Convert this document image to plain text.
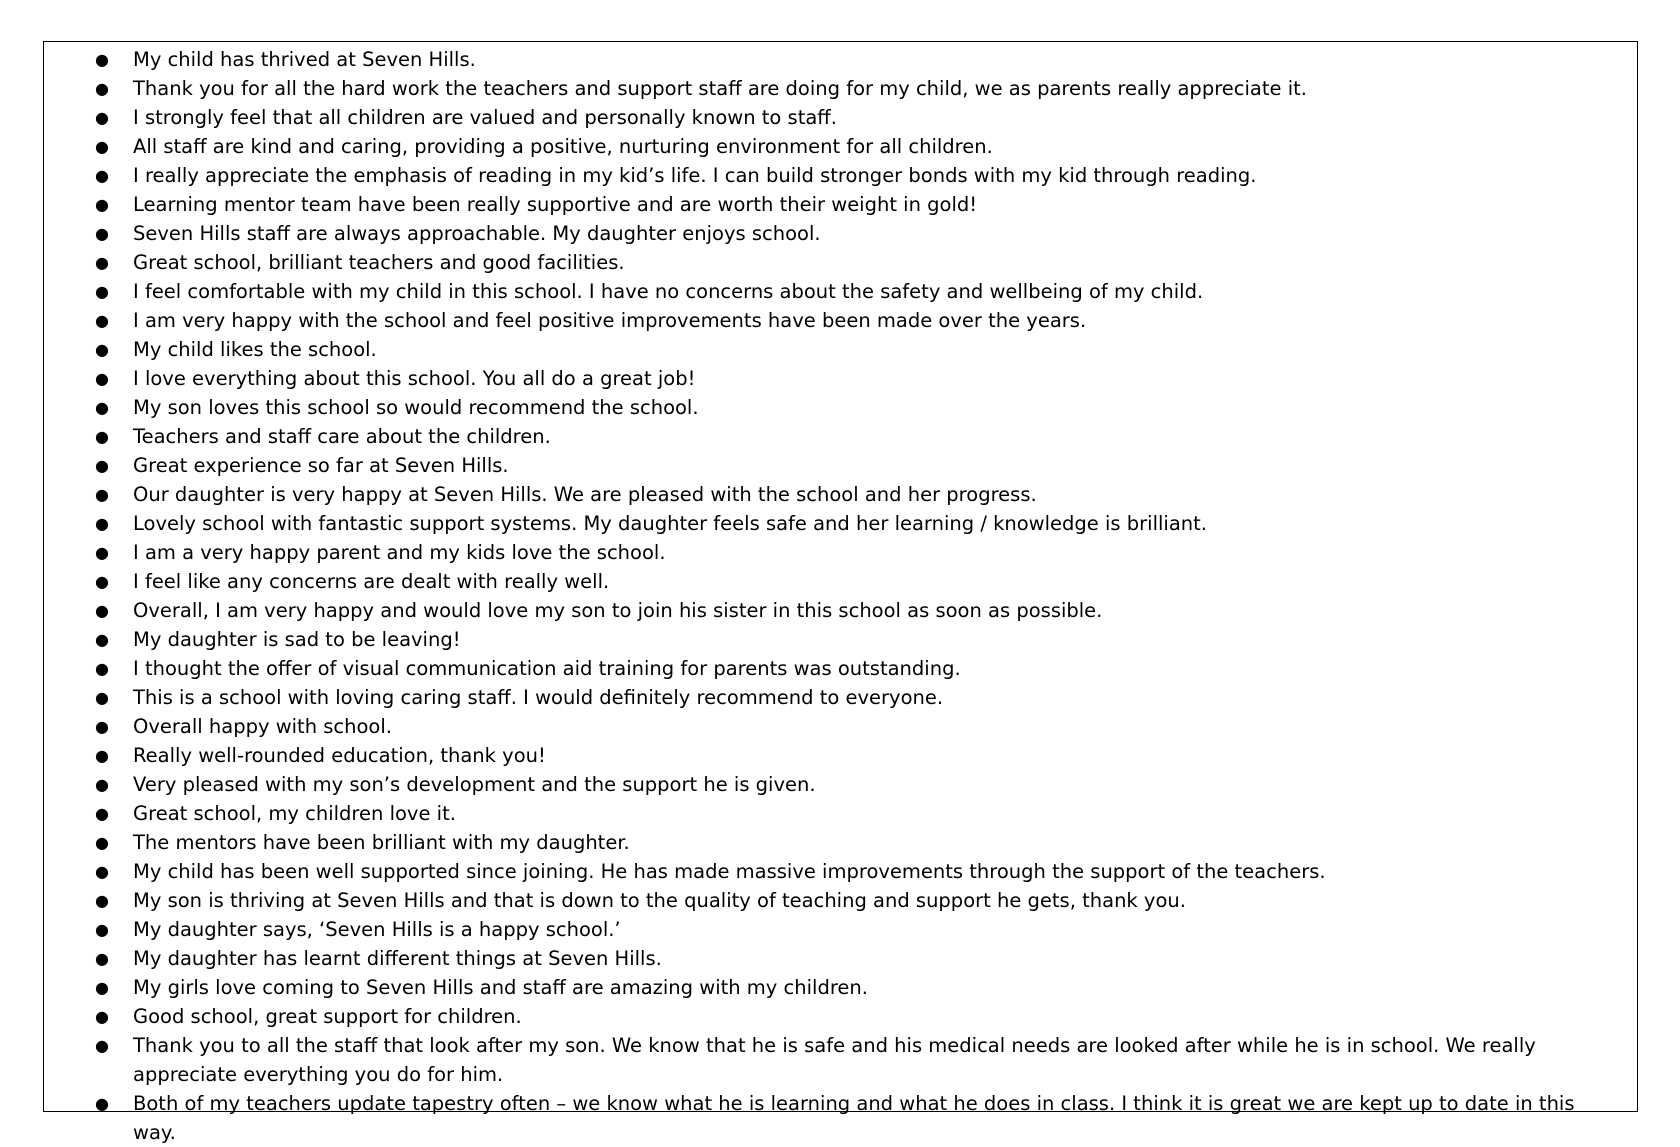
● My child has thrived at Seven Hills.
● Thank you for all the hard work the teachers and support staff are doing for my child, we as parents really appreciate it.
● I strongly feel that all children are valued and personally known to staff.
● All staff are kind and caring, providing a positive, nurturing environment for all children.
● I really appreciate the emphasis of reading in my kid’s life. I can build stronger bonds with my kid through reading.
● Learning mentor team have been really supportive and are worth their weight in gold!
● Seven Hills staff are always approachable. My daughter enjoys school.
● Great school, brilliant teachers and good facilities.
● I feel comfortable with my child in this school. I have no concerns about the safety and wellbeing of my child.
● I am very happy with the school and feel positive improvements have been made over the years.
● My child likes the school.
● I love everything about this school. You all do a great job!
● My son loves this school so would recommend the school.
● Teachers and staff care about the children.
● Great experience so far at Seven Hills.
● Our daughter is very happy at Seven Hills. We are pleased with the school and her progress.
● Lovely school with fantastic support systems. My daughter feels safe and her learning / knowledge is brilliant.
● I am a very happy parent and my kids love the school.
● I feel like any concerns are dealt with really well.
● Overall, I am very happy and would love my son to join his sister in this school as soon as possible.
● My daughter is sad to be leaving!
● I thought the offer of visual communication aid training for parents was outstanding.
● This is a school with loving caring staff. I would definitely recommend to everyone.
● Overall happy with school.
● Really well-rounded education, thank you!
● Very pleased with my son’s development and the support he is given.
● Great school, my children love it.
● The mentors have been brilliant with my daughter.
● My child has been well supported since joining. He has made massive improvements through the support of the teachers.
● My son is thriving at Seven Hills and that is down to the quality of teaching and support he gets, thank you.
● My daughter says, ‘Seven Hills is a happy school.’
● My daughter has learnt different things at Seven Hills.
● My girls love coming to Seven Hills and staff are amazing with my children.
● Good school, great support for children.
● Thank you to all the staff that look after my son. We know that he is safe and his medical needs are looked after while he is in school. We really appreciate everything you do for him.
● Both of my teachers update tapestry often – we know what he is learning and what he does in class. I think it is great we are kept up to date in this way.
